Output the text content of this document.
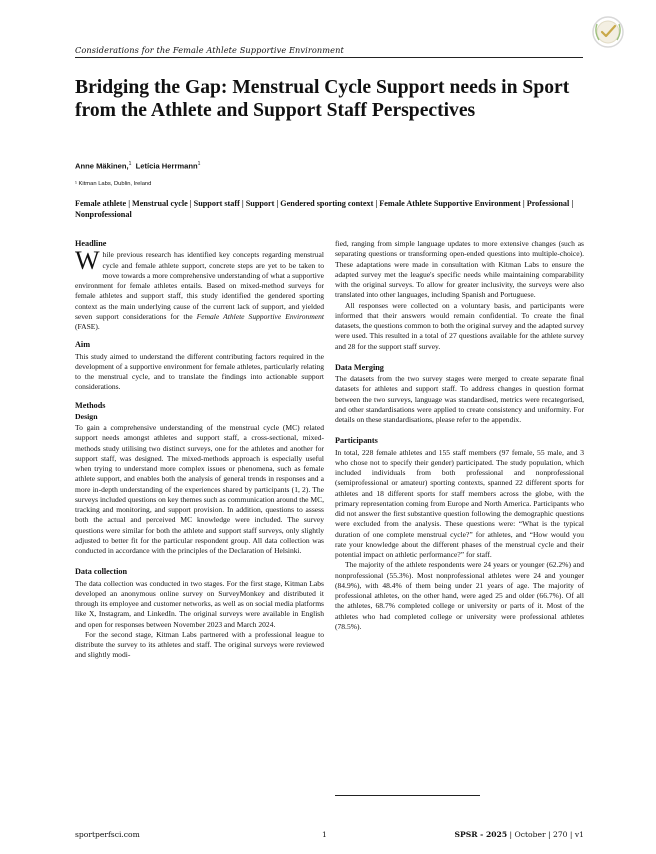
Considerations for the Female Athlete Supportive Environment
Bridging the Gap: Menstrual Cycle Support needs in Sport from the Athlete and Support Staff Perspectives
Anne Mäkinen,$^1$ Letícia Herrmann$^1$
¹ Kitman Labs, Dublin, Ireland
Female athlete | Menstrual cycle | Support staff | Support | Gendered sporting context | Female Athlete Supportive Environment | Professional | Nonprofessional
Headline

While previous research has identified key concepts regarding menstrual cycle and female athlete support, concrete steps are yet to be taken to move towards a more comprehensive understanding of what a supportive environment for female athletes entails. Based on mixed-method surveys for female athletes and support staff, this study identified the gendered sporting context as the main underlying cause of the current lack of support, and yielded seven support considerations for the Female Athlete Supportive Environment (FASE).

Aim

This study aimed to understand the different contributing factors required in the development of a supportive environment for female athletes, particularly relating to the menstrual cycle, and to translate the findings into actionable support considerations.

Methods
Design

To gain a comprehensive understanding of the menstrual cycle (MC) related support needs amongst athletes and support staff, a cross-sectional, mixed-methods study utilising two distinct surveys, one for the athletes and another for support staff, was designed. The mixed-methods approach is especially useful when trying to understand more complex issues or phenomena, such as female athlete support, and enables both the analysis of general trends in responses and a more in-depth understanding of the experiences shared by participants (1, 2). The surveys included questions on key themes such as communication around the MC, tracking and monitoring, and support provision. In addition, questions to assess both the actual and perceived MC knowledge were included. The survey questions were similar for both the athlete and support staff surveys, only slightly adjusted to better fit for the particular respondent group. All data collection was conducted in accordance with the principles of the Declaration of Helsinki.

Data collection

The data collection was conducted in two stages. For the first stage, Kitman Labs developed an anonymous online survey on SurveyMonkey and distributed it through its employee and customer networks, as well as on social media platforms like X, Instagram, and LinkedIn. The original surveys were available in English and open for responses between November 2023 and March 2024.

For the second stage, Kitman Labs partnered with a professional league to distribute the survey to its athletes and staff. The original surveys were reviewed and slightly modi-

fied, ranging from simple language updates to more extensive changes (such as separating questions or transforming open-ended questions into multiple-choice). These adaptations were made in consultation with Kitman Labs to ensure the adapted survey met the league's specific needs while maintaining comparability with the original surveys. To allow for greater inclusivity, the surveys were also translated into other languages, including Spanish and Portuguese.

All responses were collected on a voluntary basis, and participants were informed that their answers would remain confidential. To create the final datasets, the questions common to both the original survey and the adapted survey were used. This resulted in a total of 27 questions available for the athlete survey and 28 for the support staff survey.

Data Merging

The datasets from the two survey stages were merged to create separate final datasets for athletes and support staff. To address changes in question format between the two surveys, language was standardised, metrics were recategorised, and other standardisations were applied to create consistency and uniformity. For details on these standardisations, please refer to the appendix.

Participants

In total, 228 female athletes and 155 staff members (97 female, 55 male, and 3 who chose not to specify their gender) participated. The study population, which included individuals from both professional and nonprofessional (semiprofessional or amateur) sporting contexts, spanned 22 different sports for athletes and 18 different sports for staff members across the globe, with the primary representation coming from Europe and North America. Participants who did not answer the first substantive question following the demographic questions were excluded from the analysis. These questions were: “What is the typical duration of one complete menstrual cycle?” for athletes, and “How would you rate your knowledge about the different phases of the menstrual cycle and their potential impact on athletic performance?” for staff.

The majority of the athlete respondents were 24 years or younger (62.2%) and nonprofessional (55.3%). Most nonprofessional athletes were 24 and younger (84.9%), with 48.4% of them being under 21 years of age. The majority of professional athletes, on the other hand, were aged 25 and older (66.7%). Of all the athletes, 68.7% completed college or university or parts of it. Most of the athletes who had completed college or university were professional athletes (78.5%).

sportperfsci.com	1	SPSR - 2025 | October | 270 | v1
